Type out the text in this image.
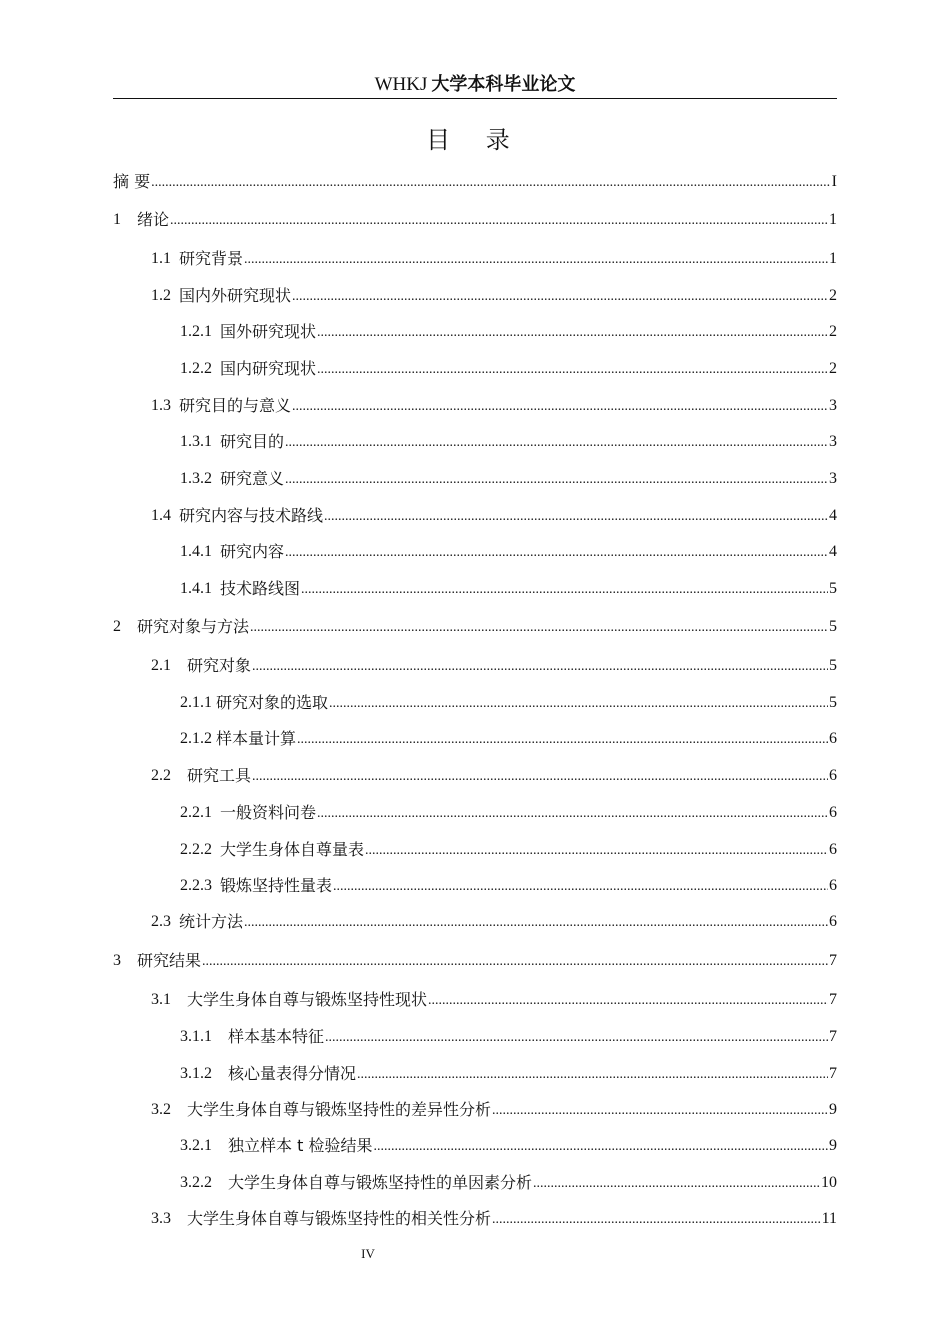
WHKJ 大学本科毕业论文
目 录
摘 要 .....	I
1 绪论 .....	1
1.1 研究背景 .....	1
1.2 国内外研究现状 .....	2
1.2.1 国外研究现状 .....	2
1.2.2 国内研究现状 .....	2
1.3 研究目的与意义 .....	3
1.3.1 研究目的 .....	3
1.3.2 研究意义 .....	3
1.4 研究内容与技术路线 .....	4
1.4.1 研究内容 .....	4
1.4.1 技术路线图 .....	5
2 研究对象与方法 .....	5
2.1 研究对象 .....	5
2.1.1 研究对象的选取 .....	5
2.1.2 样本量计算 .....	6
2.2 研究工具 .....	6
2.2.1 一般资料问卷 .....	6
2.2.2 大学生身体自尊量表 .....	6
2.2.3 锻炼坚持性量表 .....	6
2.3 统计方法 .....	6
3 研究结果 .....	7
3.1 大学生身体自尊与锻炼坚持性现状 .....	7
3.1.1 样本基本特征 .....	7
3.1.2 核心量表得分情况 .....	7
3.2 大学生身体自尊与锻炼坚持性的差异性分析 .....	9
3.2.1 独立样本 t 检验结果 .....	9
3.2.2 大学生身体自尊与锻炼坚持性的单因素分析 .....	10
3.3 大学生身体自尊与锻炼坚持性的相关性分析 .....	11
IV
